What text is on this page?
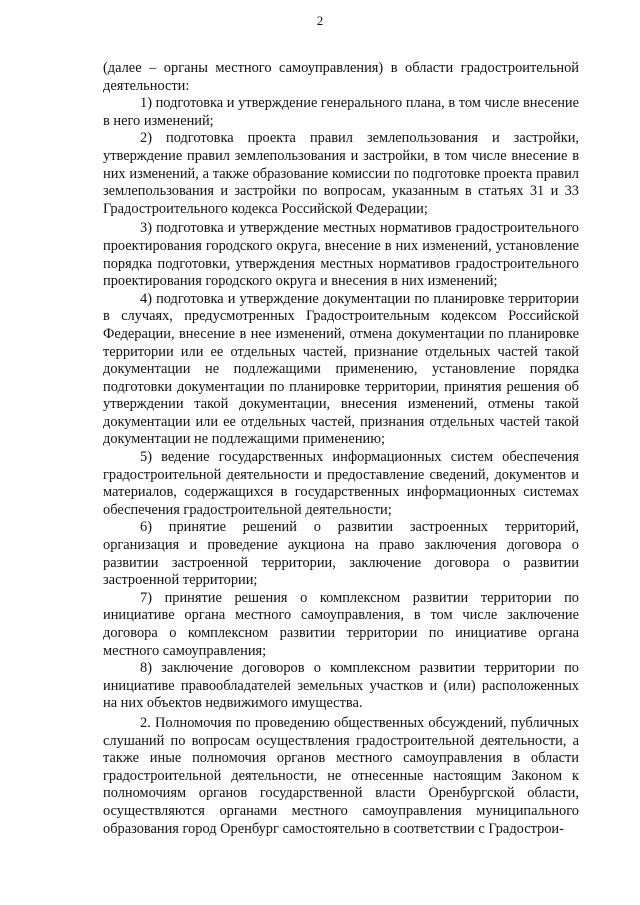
2

(далее – органы местного самоуправления) в области градостроительной деятельности:

1) подготовка и утверждение генерального плана, в том числе внесение в него изменений;

2) подготовка проекта правил землепользования и застройки, утверждение правил землепользования и застройки, в том числе внесение в них изменений, а также образование комиссии по подготовке проекта правил землепользования и застройки по вопросам, указанным в статьях 31 и 33 Градостроительного кодекса Российской Федерации;

3) подготовка и утверждение местных нормативов градостроительного проектирования городского округа, внесение в них изменений, установление порядка подготовки, утверждения местных нормативов градостроительного проектирования городского округа и внесения в них изменений;

4) подготовка и утверждение документации по планировке территории в случаях, предусмотренных Градостроительным кодексом Российской Федерации, внесение в нее изменений, отмена документации по планировке территории или ее отдельных частей, признание отдельных частей такой документации не подлежащими применению, установление порядка подготовки документации по планировке территории, принятия решения об утверждении такой документации, внесения изменений, отмены такой документации или ее отдельных частей, признания отдельных частей такой документации не подлежащими применению;

5) ведение государственных информационных систем обеспечения градостроительной деятельности и предоставление сведений, документов и материалов, содержащихся в государственных информационных системах обеспечения градостроительной деятельности;

6) принятие решений о развитии застроенных территорий, организация и проведение аукциона на право заключения договора о развитии застроенной территории, заключение договора о развитии застроенной территории;

7) принятие решения о комплексном развитии территории по инициативе органа местного самоуправления, в том числе заключение договора о комплексном развитии территории по инициативе органа местного самоуправления;

8) заключение договоров о комплексном развитии территории по инициативе правообладателей земельных участков и (или) расположенных на них объектов недвижимого имущества.

2. Полномочия по проведению общественных обсуждений, публичных слушаний по вопросам осуществления градостроительной деятельности, а также иные полномочия органов местного самоуправления в области градостроительной деятельности, не отнесенные настоящим Законом к полномочиям органов государственной власти Оренбургской области, осуществляются органами местного самоуправления муниципального образования город Оренбург самостоятельно в соответствии с Градострои-
